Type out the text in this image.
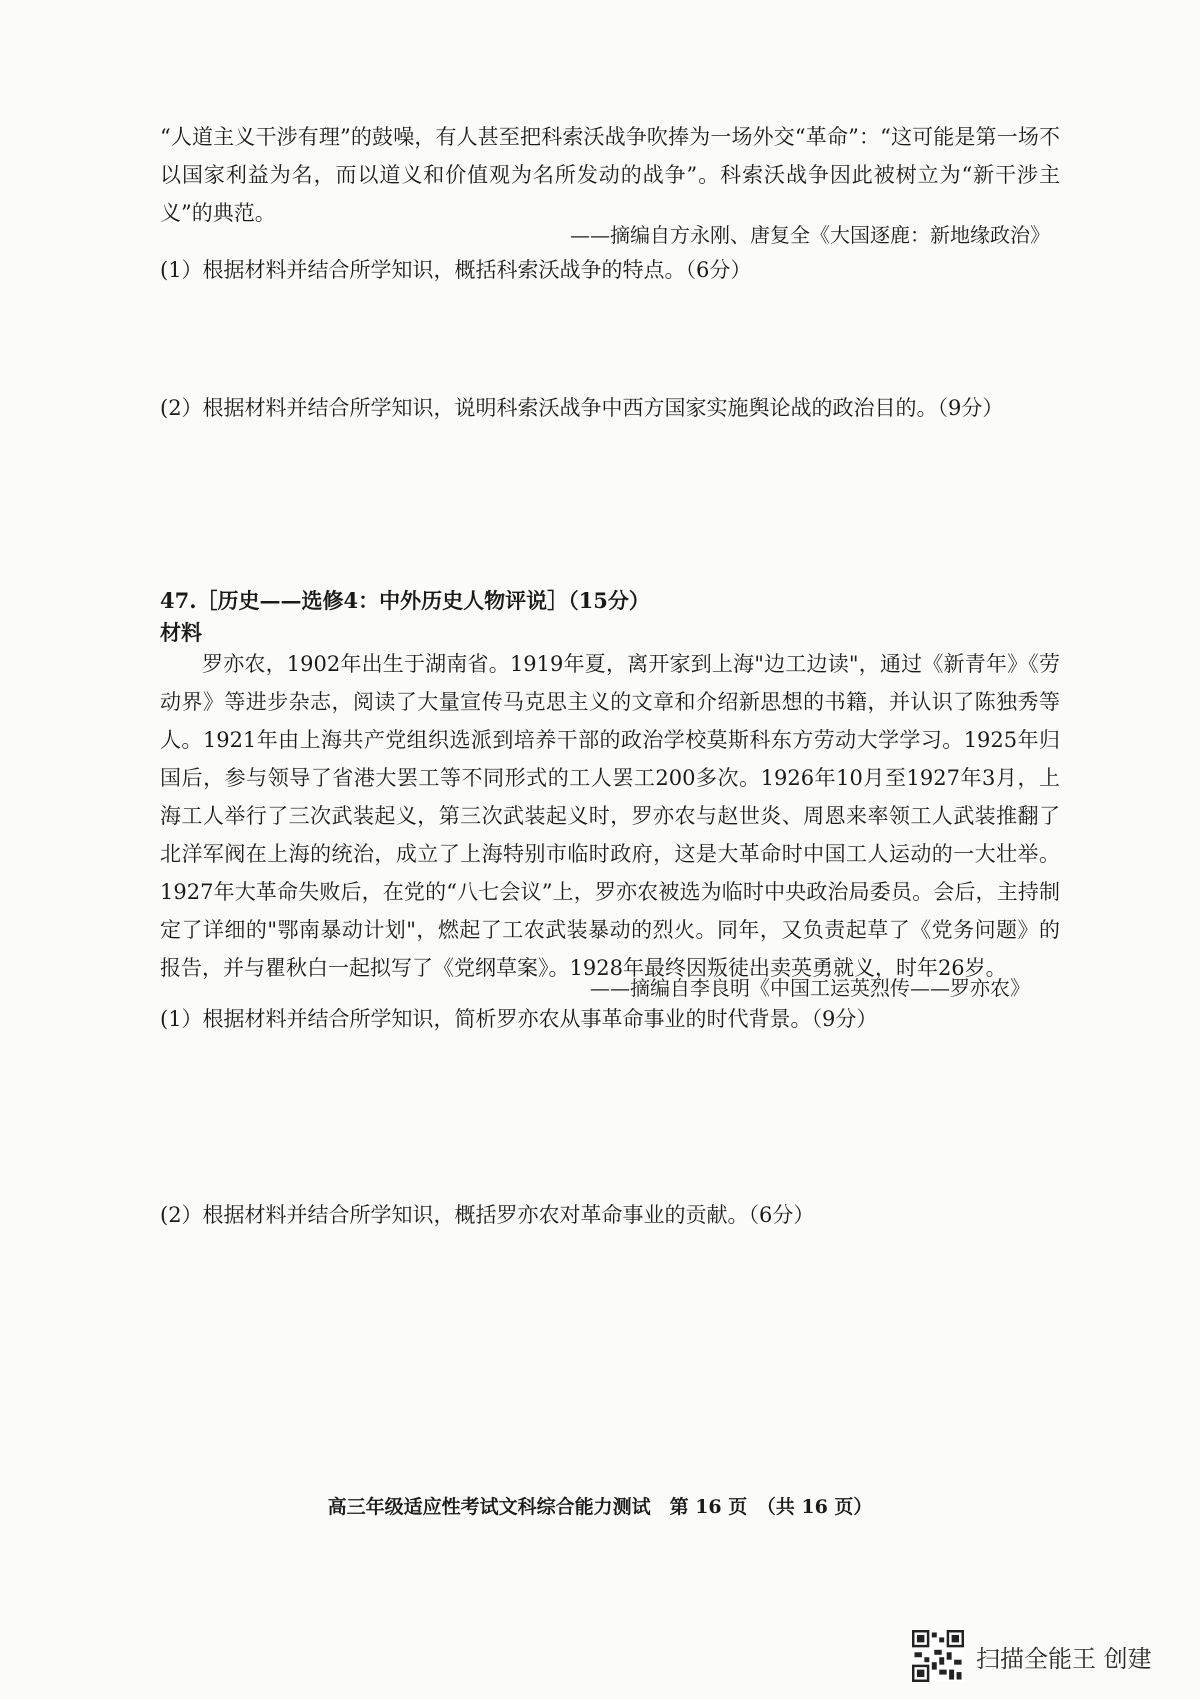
“人道主义干涉有理”的鼓噪，有人甚至把科索沃战争吹捧为一场外交“革命”：“这可能是第一场不以国家利益为名，而以道义和价值观为名所发动的战争”。科索沃战争因此被树立为“新干涉主义”的典范。
——摘编自方永刚、唐复全《大国逐鹿：新地缘政治》
(1）根据材料并结合所学知识，概括科索沃战争的特点。（6分）
(2）根据材料并结合所学知识，说明科索沃战争中西方国家实施舆论战的政治目的。（9分）
47.［历史——选修4：中外历史人物评说］（15分）
材料
罗亦农，1902年出生于湖南省。1919年夏，离开家到上海"边工边读"，通过《新青年》《劳动界》等进步杂志，阅读了大量宣传马克思主义的文章和介绍新思想的书籍，并认识了陈独秀等人。1921年由上海共产党组织选派到培养干部的政治学校莫斯科东方劳动大学学习。1925年归国后，参与领导了省港大罢工等不同形式的工人罢工200多次。1926年10月至1927年3月，上海工人举行了三次武装起义，第三次武装起义时，罗亦农与赵世炎、周恩来率领工人武装推翻了北洋军阀在上海的统治，成立了上海特别市临时政府，这是大革命时中国工人运动的一大壮举。1927年大革命失败后，在党的“八七会议”上，罗亦农被选为临时中央政治局委员。会后，主持制定了详细的"鄂南暴动计划"，燃起了工农武装暴动的烈火。同年，又负责起草了《党务问题》的报告，并与瞿秋白一起拟写了《党纲草案》。1928年最终因叛徒出卖英勇就义，时年26岁。
——摘编自李良明《中国工运英烈传——罗亦农》
(1）根据材料并结合所学知识，简析罗亦农从事革命事业的时代背景。（9分）
(2）根据材料并结合所学知识，概括罗亦农对革命事业的贡献。（6分）
高三年级适应性考试文科综合能力测试　第 16 页　（共 16 页）
扫描全能王 创建
